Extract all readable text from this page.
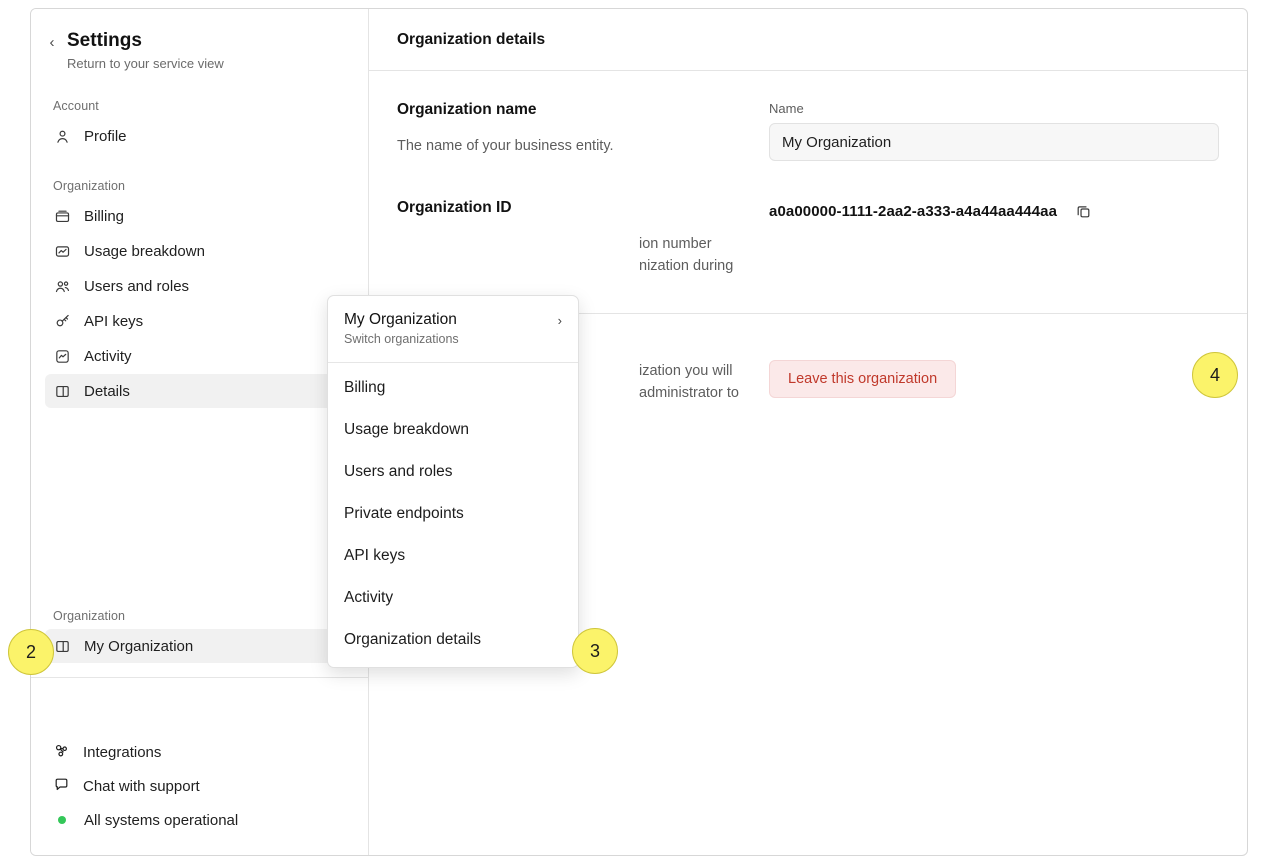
‹ Settings
Return to your service view
Account
Profile
Organization
Billing
Usage breakdown
Users and roles
API keys
Activity
Details
Organization
My Organization
Integrations
Chat with support
All systems operational
Organization details
Organization name
The name of your business entity.
Name
My Organization
Organization ID
ion number
nization during
a0a00000-1111-2aa2-a333-a4a44aa444aa
ization you will
administrator to
Leave this organization
My Organization
Switch organizations
›
Billing
Usage breakdown
Users and roles
Private endpoints
API keys
Activity
Organization details
2	3
4
